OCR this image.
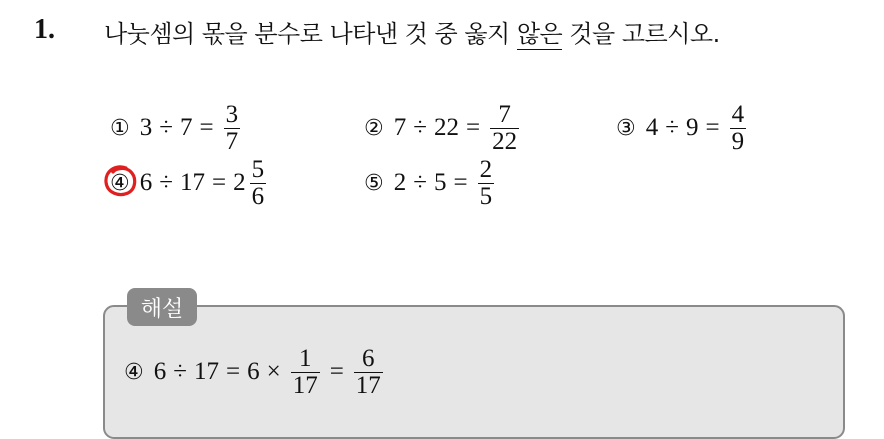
1. 나눗셈의 몫을 분수로 나타낸 것 중 옳지 않은 것을 고르시오.
① $3 \div 7 = \frac{3}{7}$	② $7 \div 22 = \frac{7}{22}$	③ $4 \div 9 = \frac{4}{9}$
④ $6 \div 17 = 2 \frac{5}{6}$	⑤ $2 \div 5 = \frac{2}{5}$
해설
④ $6 \div 17 = 6 \times \frac{1}{17} = \frac{6}{17}$
